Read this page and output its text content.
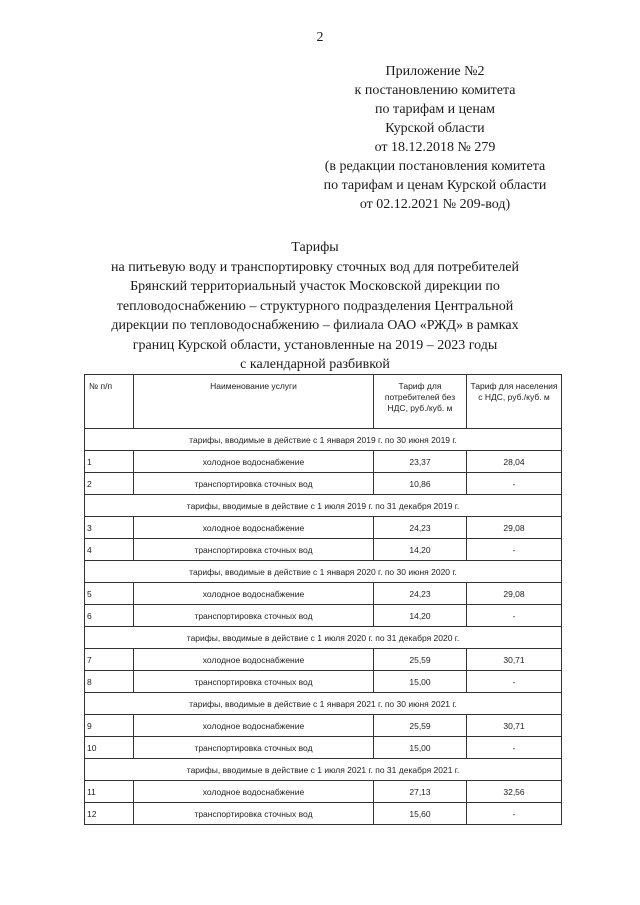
2
Приложение №2
к постановлению комитета
по тарифам и ценам
Курской области
от 18.12.2018 № 279
(в редакции постановления комитета
по тарифам и ценам Курской области
от 02.12.2021 № 209-вод)
Тарифы
на питьевую воду и транспортировку сточных вод для потребителей
Брянский территориальный участок Московской дирекции по
тепловодоснабжению – структурного подразделения Центральной
дирекции по тепловодоснабжению – филиала ОАО «РЖД» в рамках
границ Курской области, установленные на 2019 – 2023 годы
с календарной разбивкой
№ п/п	Наименование услуги	Тариф для потребителей без НДС, руб./куб. м	Тариф для населения с НДС, руб./куб. м
тарифы, вводимые в действие с 1 января 2019 г. по 30 июня 2019 г.			
1	холодное водоснабжение	23,37	28,04
2	транспортировка сточных вод	10,86	-
тарифы, вводимые в действие с 1 июля 2019 г. по 31 декабря 2019 г.			
3	холодное водоснабжение	24,23	29,08
4	транспортировка сточных вод	14,20	-
тарифы, вводимые в действие с 1 января 2020 г. по 30 июня 2020 г.			
5	холодное водоснабжение	24,23	29,08
6	транспортировка сточных вод	14,20	-
тарифы, вводимые в действие с 1 июля 2020 г. по 31 декабря 2020 г.			
7	холодное водоснабжение	25,59	30,71
8	транспортировка сточных вод	15,00	-
тарифы, вводимые в действие с 1 января 2021 г. по 30 июня 2021 г.			
9	холодное водоснабжение	25,59	30,71
10	транспортировка сточных вод	15,00	-
тарифы, вводимые в действие с 1 июля 2021 г. по 31 декабря 2021 г.			
11	холодное водоснабжение	27,13	32,56
12	транспортировка сточных вод	15,60	-
